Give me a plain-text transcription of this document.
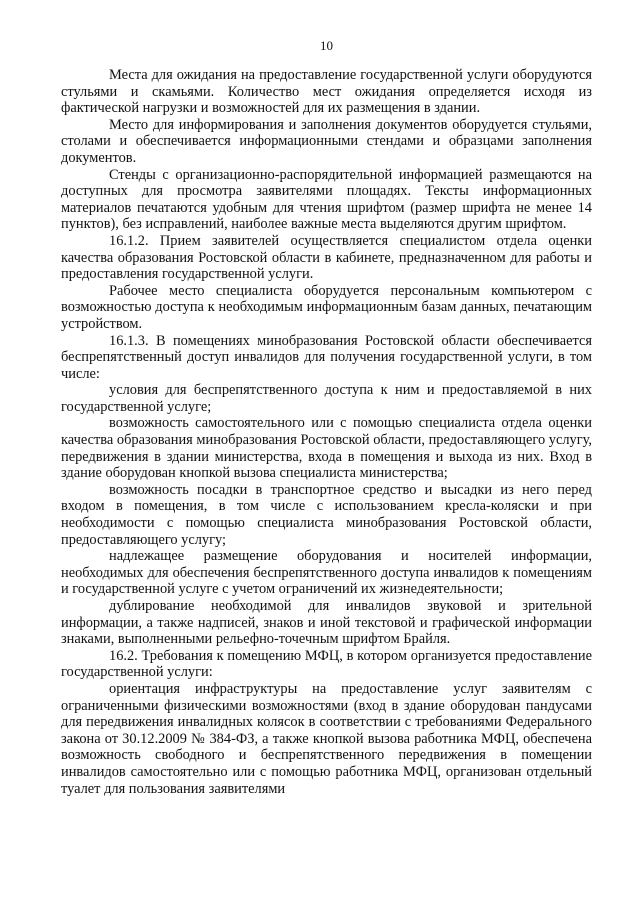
10

Места для ожидания на предоставление государственной услуги оборудуются стульями и скамьями. Количество мест ожидания определяется исходя из фактической нагрузки и возможностей для их размещения в здании.

Место для информирования и заполнения документов оборудуется стульями, столами и обеспечивается информационными стендами и образцами заполнения документов.

Стенды с организационно-распорядительной информацией размещаются на доступных для просмотра заявителями площадях. Тексты информационных материалов печатаются удобным для чтения шрифтом (размер шрифта не менее 14 пунктов), без исправлений, наиболее важные места выделяются другим шрифтом.

16.1.2. Прием заявителей осуществляется специалистом отдела оценки качества образования Ростовской области в кабинете, предназначенном для работы и предоставления государственной услуги.

Рабочее место специалиста оборудуется персональным компьютером с возможностью доступа к необходимым информационным базам данных, печатающим устройством.

16.1.3. В помещениях минобразования Ростовской области обеспечивается беспрепятственный доступ инвалидов для получения государственной услуги, в том числе:

условия для беспрепятственного доступа к ним и предоставляемой в них государственной услуге;

возможность самостоятельного или с помощью специалиста отдела оценки качества образования минобразования Ростовской области, предоставляющего услугу, передвижения в здании министерства, входа в помещения и выхода из них. Вход в здание оборудован кнопкой вызова специалиста министерства;

возможность посадки в транспортное средство и высадки из него перед входом в помещения, в том числе с использованием кресла-коляски и при необходимости с помощью специалиста минобразования Ростовской области, предоставляющего услугу;

надлежащее размещение оборудования и носителей информации, необходимых для обеспечения беспрепятственного доступа инвалидов к помещениям и государственной услуге с учетом ограничений их жизнедеятельности;

дублирование необходимой для инвалидов звуковой и зрительной информации, а также надписей, знаков и иной текстовой и графической информации знаками, выполненными рельефно-точечным шрифтом Брайля.

16.2. Требования к помещению МФЦ, в котором организуется предоставление государственной услуги:

ориентация инфраструктуры на предоставление услуг заявителям с ограниченными физическими возможностями (вход в здание оборудован пандусами для передвижения инвалидных колясок в соответствии с требованиями Федерального закона от 30.12.2009 № 384-ФЗ, а также кнопкой вызова работника МФЦ, обеспечена возможность свободного и беспрепятственного передвижения в помещении инвалидов самостоятельно или с помощью работника МФЦ, организован отдельный туалет для пользования заявителями
